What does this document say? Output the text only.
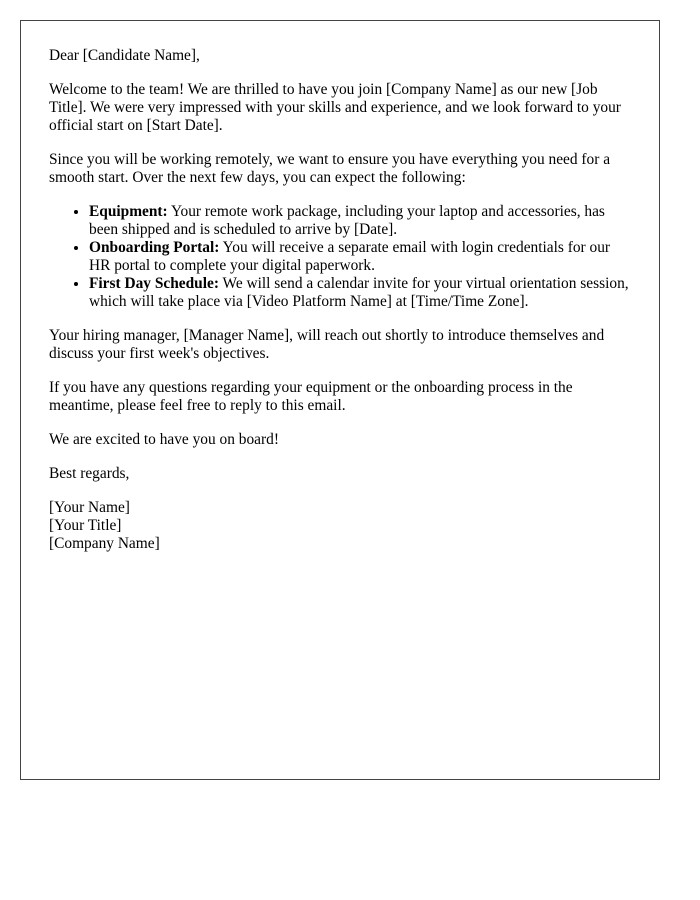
Dear [Candidate Name],

Welcome to the team! We are thrilled to have you join [Company Name] as our new [Job Title]. We were very impressed with your skills and experience, and we look forward to your official start on [Start Date].

Since you will be working remotely, we want to ensure you have everything you need for a smooth start. Over the next few days, you can expect the following:

• Equipment: Your remote work package, including your laptop and accessories, has been shipped and is scheduled to arrive by [Date].
• Onboarding Portal: You will receive a separate email with login credentials for our HR portal to complete your digital paperwork.
• First Day Schedule: We will send a calendar invite for your virtual orientation session, which will take place via [Video Platform Name] at [Time/Time Zone].

Your hiring manager, [Manager Name], will reach out shortly to introduce themselves and discuss your first week's objectives.

If you have any questions regarding your equipment or the onboarding process in the meantime, please feel free to reply to this email.

We are excited to have you on board!

Best regards,

[Your Name]
[Your Title]
[Company Name]
